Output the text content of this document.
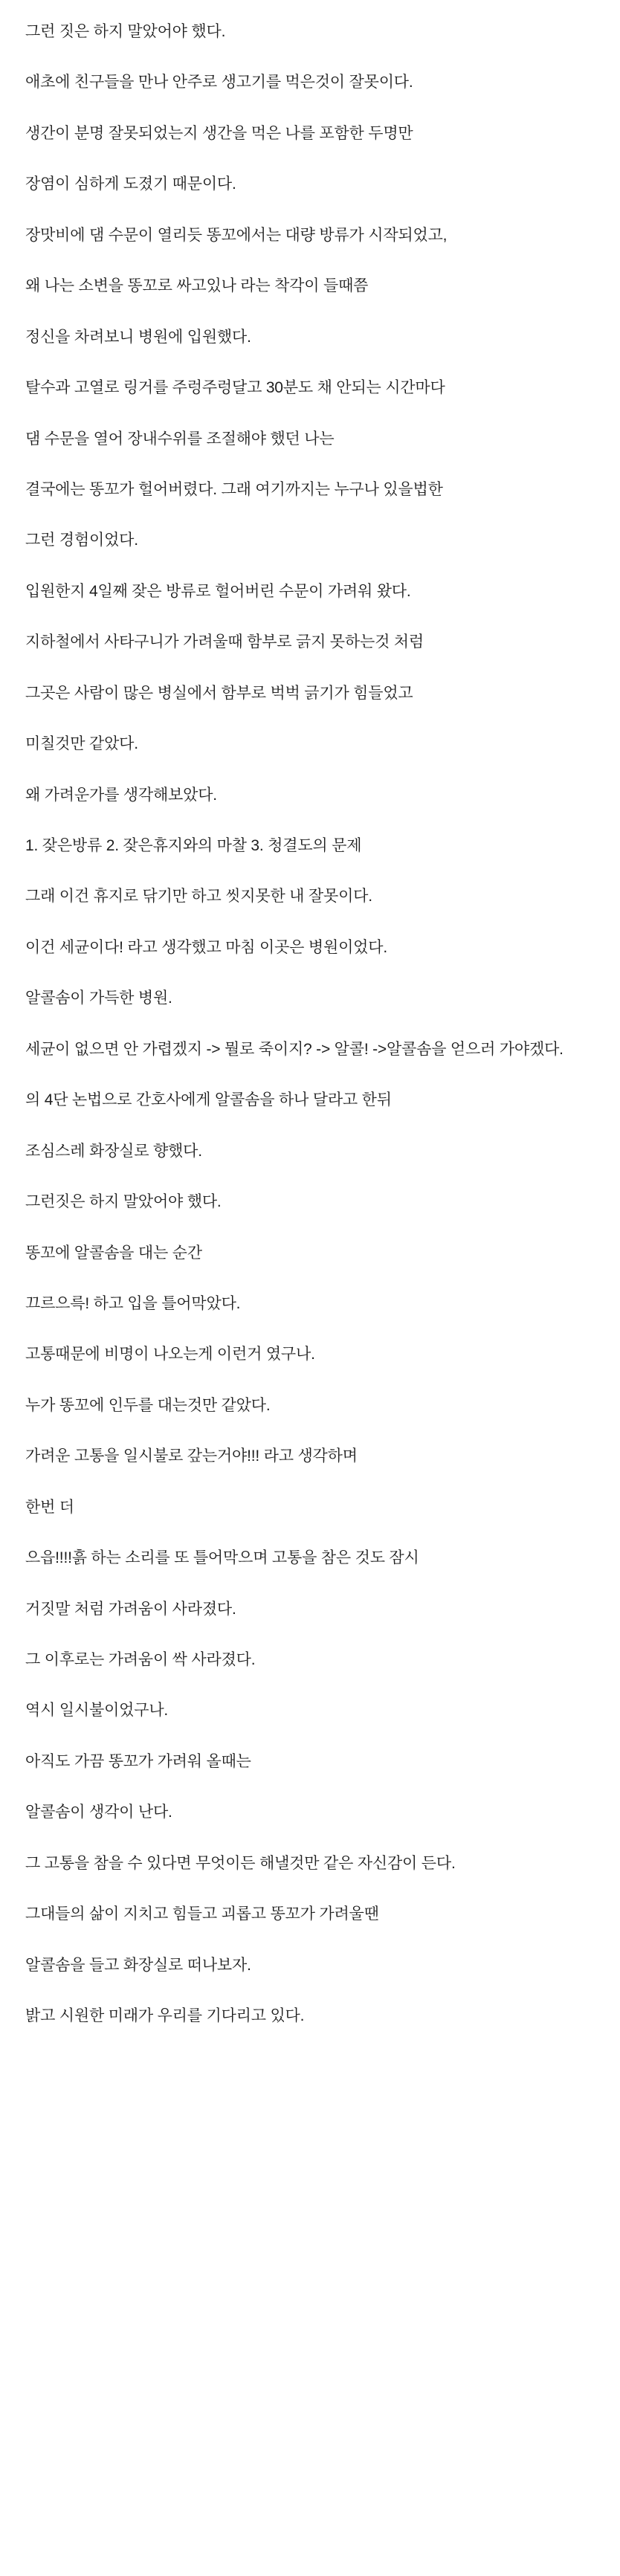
그런 짓은 하지 말았어야 했다.

애초에 친구들을 만나 안주로 생고기를 먹은것이 잘못이다.

생간이 분명 잘못되었는지 생간을 먹은 나를 포함한 두명만

장염이 심하게 도졌기 때문이다.

장맛비에 댐 수문이 열리듯 똥꼬에서는 대량 방류가 시작되었고,

왜 나는 소변을 똥꼬로 싸고있나 라는 착각이 들때쯤

정신을 차려보니 병원에 입원했다.

탈수과 고열로 링거를 주렁주렁달고 30분도 채 안되는 시간마다

댐 수문을 열어 장내수위를 조절해야 했던 나는

결국에는 똥꼬가 헐어버렸다. 그래 여기까지는 누구나 있을법한

그런 경험이었다.

입원한지 4일째 잦은 방류로 헐어버린 수문이 가려워 왔다.

지하철에서 사타구니가 가려울때 함부로 긁지 못하는것 처럼

그곳은 사람이 많은 병실에서 함부로 벅벅 긁기가 힘들었고

미칠것만 같았다.

왜 가려운가를 생각해보았다.

1. 잦은방류 2. 잦은휴지와의 마찰 3. 청결도의 문제

그래 이건 휴지로 닦기만 하고 씻지못한 내 잘못이다.

이건 세균이다! 라고 생각했고 마침 이곳은 병원이었다.

알콜솜이 가득한 병원.

세균이 없으면 안 가렵겠지 -> 뭘로 죽이지? -> 알콜! ->알콜솜을 얻으러 가야겠다.

의 4단 논법으로 간호사에게 알콜솜을 하나 달라고 한뒤

조심스레 화장실로 향했다.

그런짓은 하지 말았어야 했다.

똥꼬에 알콜솜을 대는 순간

끄르으륵! 하고 입을 틀어막았다.

고통때문에 비명이 나오는게 이런거 였구나.

누가 똥꼬에 인두를 대는것만 같았다.

가려운 고통을 일시불로 갚는거야!!! 라고 생각하며

한번 더

으읍!!!!흙 하는 소리를 또 틀어막으며 고통을 참은 것도 잠시

거짓말 처럼 가려움이 사라졌다.

그 이후로는 가려움이 싹 사라졌다.

역시 일시불이었구나.

아직도 가끔 똥꼬가 가려워 올때는

알콜솜이 생각이 난다.

그 고통을 참을 수 있다면 무엇이든 해낼것만 같은 자신감이 든다.

그대들의 삶이 지치고 힘들고 괴롭고 똥꼬가 가려울땐

알콜솜을 들고 화장실로 떠나보자.

밝고 시원한 미래가 우리를 기다리고 있다.
